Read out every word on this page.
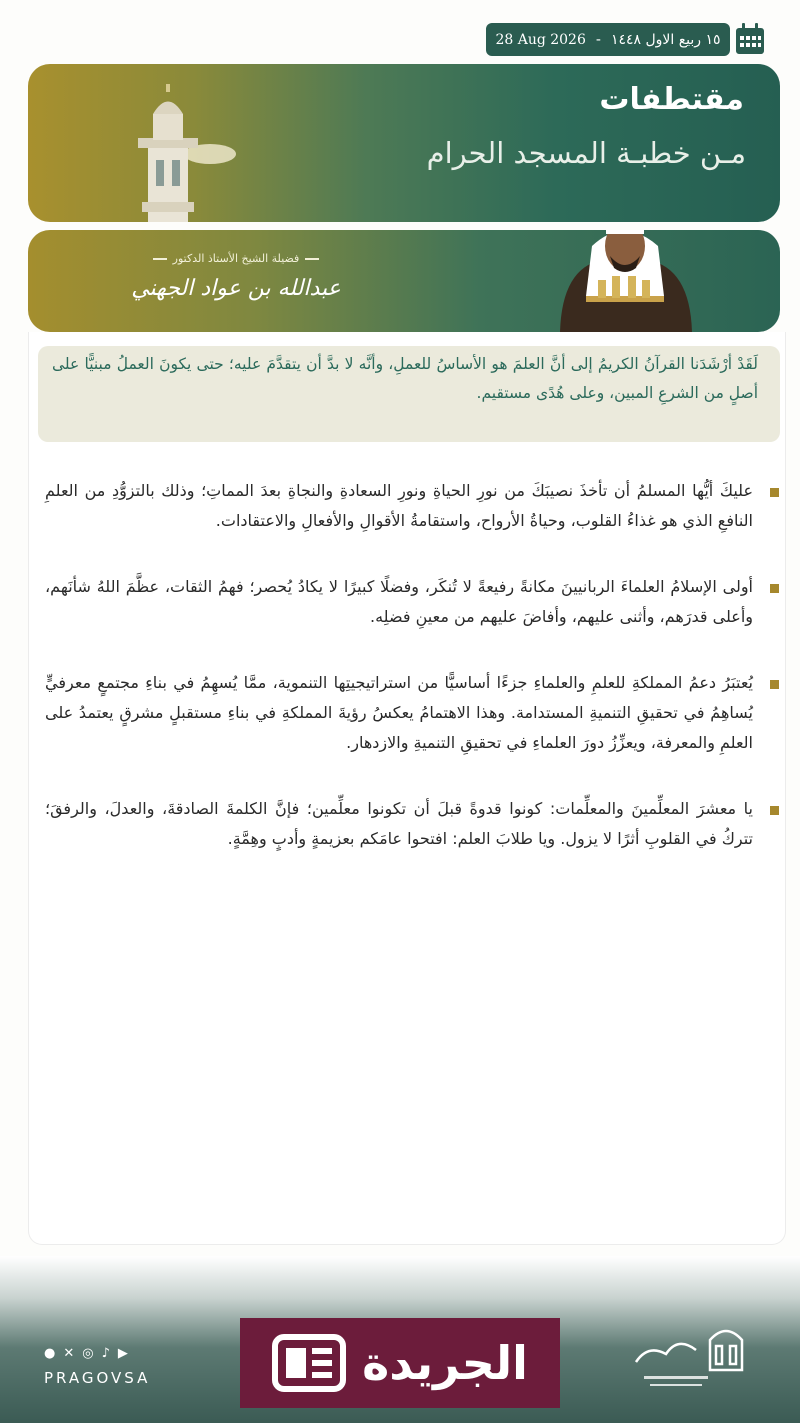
28 Aug 2026 - ١٥ ربيع الاول ١٤٤٨
مقتطفات
مـن خطبـة المسجد الحرام
فضيلة الشيخ الأستاذ الدكتور
عبدالله بن عواد الجهني
لَقَدْ أرْشَدَنا القرآنُ الكريمُ إلى أنَّ العلمَ هو الأساسُ للعملِ، وأنَّه لا بدَّ أن يتقدَّمَ عليه؛ حتى يكونَ العملُ مبنيًّا على أصلٍ من الشرعِ المبين، وعلى هُدًى مستقيم.
عليكَ أيُّها المسلمُ أن تأخذَ نصيبَكَ من نورِ الحياةِ ونورِ السعادةِ والنجاةِ بعدَ المماتِ؛ وذلك بالتزوُّدِ من العلمِ النافعِ الذي هو غذاءُ القلوب، وحياةُ الأرواح، واستقامةُ الأقوالِ والأفعالِ والاعتقادات.
أولى الإسلامُ العلماءَ الربانيينَ مكانةً رفيعةً لا تُنكَر، وفضلًا كبيرًا لا يكادُ يُحصر؛ فهمُ الثقات، عظَّمَ اللهُ شأنَهم، وأعلى قدرَهم، وأثنى عليهم، وأفاضَ عليهم من معينِ فضلِه.
يُعتبَرُ دعمُ المملكةِ للعلمِ والعلماءِ جزءًا أساسيًّا من استراتيجيتِها التنموية، ممَّا يُسهِمُ في بناءِ مجتمعٍ معرفيٍّ يُساهِمُ في تحقيقِ التنميةِ المستدامة. وهذا الاهتمامُ يعكسُ رؤيةَ المملكةِ في بناءِ مستقبلٍ مشرقٍ يعتمدُ على العلمِ والمعرفة، ويعزِّزُ دورَ العلماءِ في تحقيقِ التنميةِ والازدهار.
يا معشرَ المعلِّمينَ والمعلِّمات: كونوا قدوةً قبلَ أن تكونوا معلِّمين؛ فإنَّ الكلمةَ الصادقةَ، والعدلَ، والرفقَ؛ تتركُ في القلوبِ أثرًا لا يزول. ويا طلابَ العلم: افتحوا عامَكم بعزيمةٍ وأدبٍ وهِمَّةٍ.
الجريدة
● ✕ ◎ ♪ ▶
PRAGOVSA
